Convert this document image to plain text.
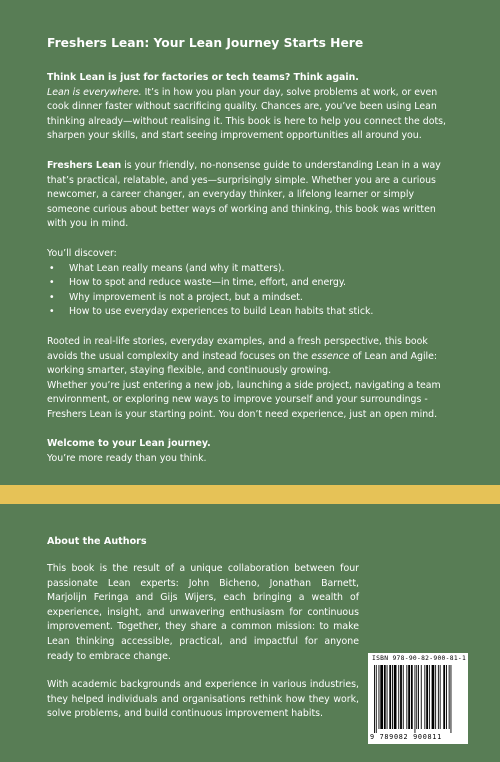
Freshers Lean: Your Lean Journey Starts Here

Think Lean is just for factories or tech teams? Think again.
Lean is everywhere. It’s in how you plan your day, solve problems at work, or even cook dinner faster without sacrificing quality. Chances are, you’ve been using Lean thinking already—without realising it. This book is here to help you connect the dots, sharpen your skills, and start seeing improvement opportunities all around you.

Freshers Lean is your friendly, no-nonsense guide to understanding Lean in a way that’s practical, relatable, and yes—surprisingly simple. Whether you are a curious newcomer, a career changer, an everyday thinker, a lifelong learner or simply someone curious about better ways of working and thinking, this book was written with you in mind.

You’ll discover:
• What Lean really means (and why it matters).
• How to spot and reduce waste—in time, effort, and energy.
• Why improvement is not a project, but a mindset.
• How to use everyday experiences to build Lean habits that stick.

Rooted in real-life stories, everyday examples, and a fresh perspective, this book avoids the usual complexity and instead focuses on the essence of Lean and Agile: working smarter, staying flexible, and continuously growing.
Whether you’re just entering a new job, launching a side project, navigating a team environment, or exploring new ways to improve yourself and your surroundings - Freshers Lean is your starting point. You don’t need experience, just an open mind.

Welcome to your Lean journey.
You’re more ready than you think.

About the Authors

This book is the result of a unique collaboration between four passionate Lean experts: John Bicheno, Jonathan Barnett, Marjolijn Feringa and Gijs Wijers, each bringing a wealth of experience, insight, and unwavering enthusiasm for continuous improvement. Together, they share a common mission: to make Lean thinking accessible, practical, and impactful for anyone ready to embrace change.

With academic backgrounds and experience in various industries, they helped individuals and organisations rethink how they work, solve problems, and build continuous improvement habits.

ISBN 978-90-82-900-81-1
9 789082 900811
